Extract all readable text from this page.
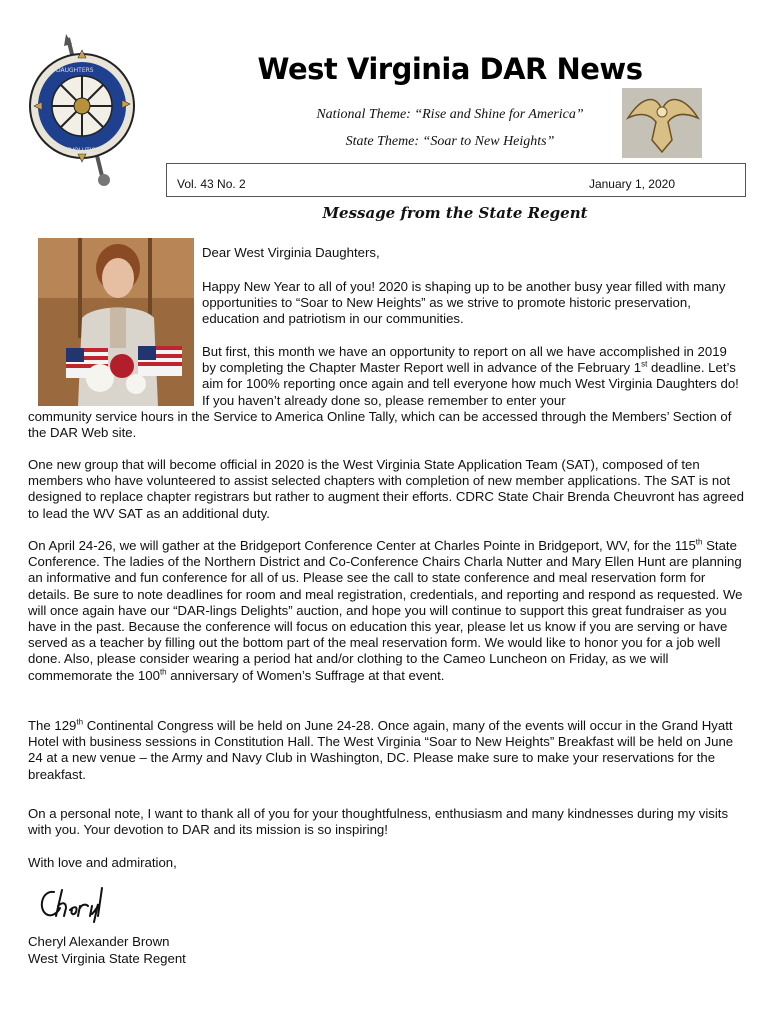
DAUGHTERS
REVOLUTION
West Virginia DAR News

National Theme: “Rise and Shine for America”

State Theme: “Soar to New Heights”

Vol. 43 No. 2	January 1, 2020
Message from the State Regent

Dear West Virginia Daughters,

Happy New Year to all of you! 2020 is shaping up to be another busy year filled with many opportunities to “Soar to New Heights” as we strive to promote historic preservation, education and patriotism in our communities.

But first, this month we have an opportunity to report on all we have accomplished in 2019 by completing the Chapter Master Report well in advance of the February 1st deadline. Let’s aim for 100% reporting once again and tell everyone how much West Virginia Daughters do! If you haven’t already done so, please remember to enter your

community service hours in the Service to America Online Tally, which can be accessed through the Members’ Section of the DAR Web site.

One new group that will become official in 2020 is the West Virginia State Application Team (SAT), composed of ten members who have volunteered to assist selected chapters with completion of new member applications. The SAT is not designed to replace chapter registrars but rather to augment their efforts. CDRC State Chair Brenda Cheuvront has agreed to lead the WV SAT as an additional duty.

On April 24-26, we will gather at the Bridgeport Conference Center at Charles Pointe in Bridgeport, WV, for the 115th State Conference. The ladies of the Northern District and Co-Conference Chairs Charla Nutter and Mary Ellen Hunt are planning an informative and fun conference for all of us. Please see the call to state conference and meal reservation form for details. Be sure to note deadlines for room and meal registration, credentials, and reporting and respond as requested. We will once again have our “DAR-lings Delights” auction, and hope you will continue to support this great fundraiser as you have in the past. Because the conference will focus on education this year, please let us know if you are serving or have served as a teacher by filling out the bottom part of the meal reservation form. We would like to honor you for a job well done. Also, please consider wearing a period hat and/or clothing to the Cameo Luncheon on Friday, as we will commemorate the 100th anniversary of Women’s Suffrage at that event.

The 129th Continental Congress will be held on June 24-28. Once again, many of the events will occur in the Grand Hyatt Hotel with business sessions in Constitution Hall. The West Virginia “Soar to New Heights” Breakfast will be held on June 24 at a new venue – the Army and Navy Club in Washington, DC. Please make sure to make your reservations for the breakfast.

On a personal note, I want to thank all of you for your thoughtfulness, enthusiasm and many kindnesses during my visits with you. Your devotion to DAR and its mission is so inspiring!

With love and admiration,

Cheryl Alexander Brown

West Virginia State Regent
